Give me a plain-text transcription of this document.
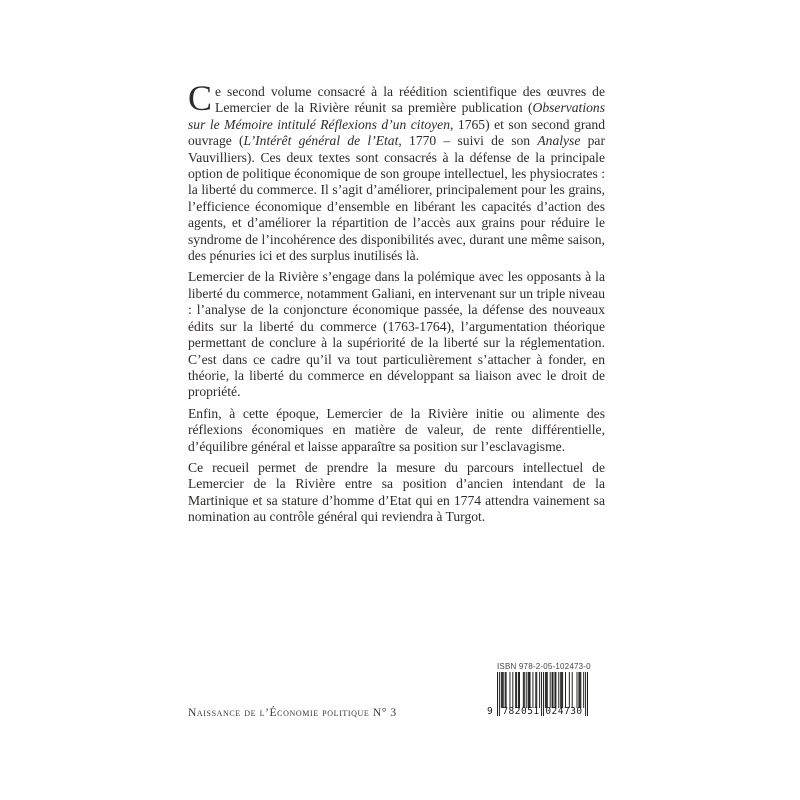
Ce second volume consacré à la réédition scientifique des œuvres de Lemercier de la Rivière réunit sa première publication (Observations sur le Mémoire intitulé Réflexions d’un citoyen, 1765) et son second grand ouvrage (L’Intérêt général de l’Etat, 1770 – suivi de son Analyse par Vauvilliers). Ces deux textes sont consacrés à la défense de la principale option de politique économique de son groupe intellectuel, les physiocrates : la liberté du commerce. Il s’agit d’améliorer, principalement pour les grains, l’efficience économique d’ensemble en libérant les capacités d’action des agents, et d’améliorer la répartition de l’accès aux grains pour réduire le syndrome de l’incohérence des disponibilités avec, durant une même saison, des pénuries ici et des surplus inutilisés là.

Lemercier de la Rivière s’engage dans la polémique avec les opposants à la liberté du commerce, notamment Galiani, en intervenant sur un triple niveau : l’analyse de la conjoncture économique passée, la défense des nouveaux édits sur la liberté du commerce (1763-1764), l’argumentation théorique permettant de conclure à la supériorité de la liberté sur la réglementation. C’est dans ce cadre qu’il va tout particulièrement s’attacher à fonder, en théorie, la liberté du commerce en développant sa liaison avec le droit de propriété.

Enfin, à cette époque, Lemercier de la Rivière initie ou alimente des réflexions économiques en matière de valeur, de rente différentielle, d’équilibre général et laisse apparaître sa position sur l’esclavagisme.

Ce recueil permet de prendre la mesure du parcours intellectuel de Lemercier de la Rivière entre sa position d’ancien intendant de la Martinique et sa stature d’homme d’Etat qui en 1774 attendra vainement sa nomination au contrôle général qui reviendra à Turgot.

Naissance de l’Économie politique N° 3
ISBN 978-2-05-102473-0
9 782051 024730
